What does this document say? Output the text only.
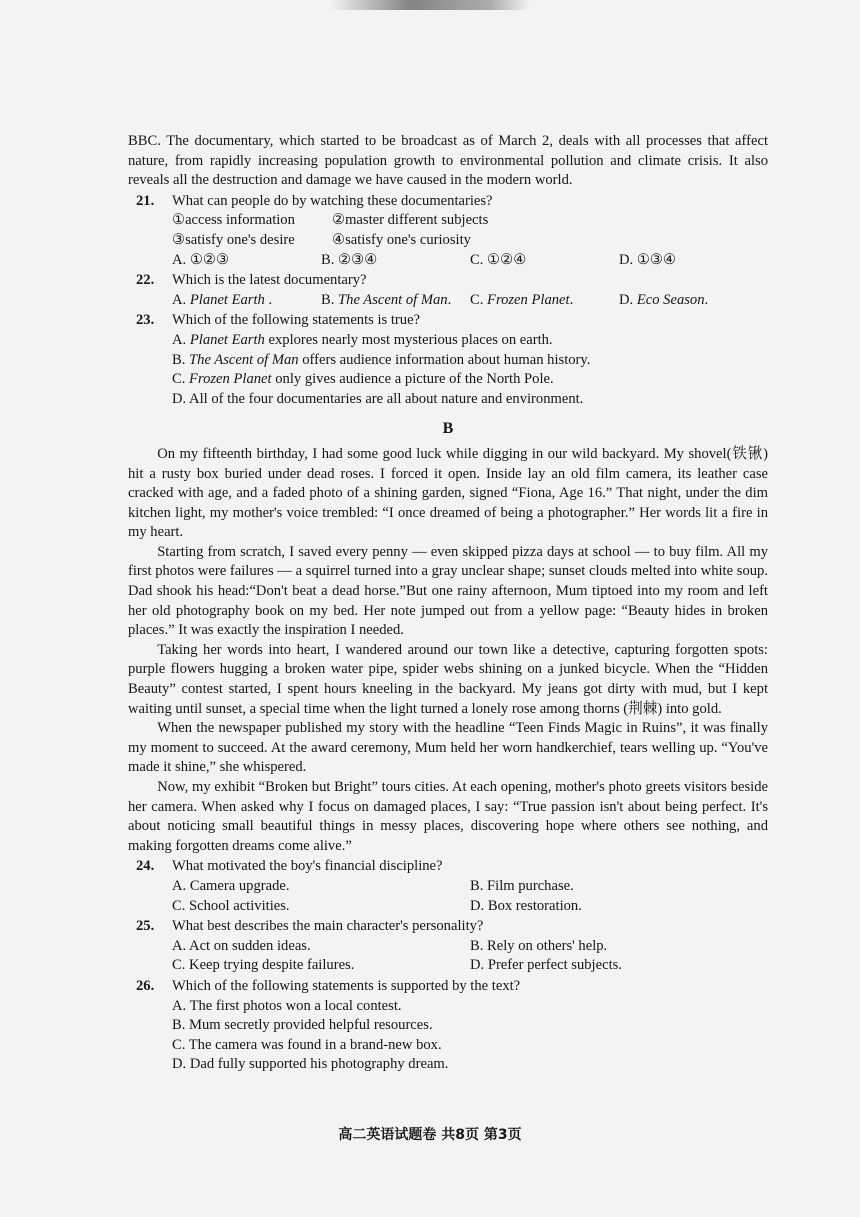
BBC. The documentary, which started to be broadcast as of March 2, deals with all processes that affect nature, from rapidly increasing population growth to environmental pollution and climate crisis. It also reveals all the destruction and damage we have caused in the modern world.

21.	What can people do by watching these documentaries?
①access information	②master different subjects
③satisfy one's desire	④satisfy one's curiosity
A. ①②③	B. ②③④	C. ①②④	D. ①③④
22.	Which is the latest documentary?
A. Planet Earth .	B. The Ascent of Man.	C. Frozen Planet.	D. Eco Season.
23.	Which of the following statements is true?
A. Planet Earth explores nearly most mysterious places on earth.
B. The Ascent of Man offers audience information about human history.
C. Frozen Planet only gives audience a picture of the North Pole.
D. All of the four documentaries are all about nature and environment.
B

On my fifteenth birthday, I had some good luck while digging in our wild backyard. My shovel(铁锹) hit a rusty box buried under dead roses. I forced it open. Inside lay an old film camera, its leather case cracked with age, and a faded photo of a shining garden, signed “Fiona, Age 16.” That night, under the dim kitchen light, my mother's voice trembled: “I once dreamed of being a photographer.” Her words lit a fire in my heart.

Starting from scratch, I saved every penny — even skipped pizza days at school — to buy film. All my first photos were failures — a squirrel turned into a gray unclear shape; sunset clouds melted into white soup. Dad shook his head:“Don't beat a dead horse.”But one rainy afternoon, Mum tiptoed into my room and left her old photography book on my bed. Her note jumped out from a yellow page: “Beauty hides in broken places.” It was exactly the inspiration I needed.

Taking her words into heart, I wandered around our town like a detective, capturing forgotten spots: purple flowers hugging a broken water pipe, spider webs shining on a junked bicycle. When the “Hidden Beauty” contest started, I spent hours kneeling in the backyard. My jeans got dirty with mud, but I kept waiting until sunset, a special time when the light turned a lonely rose among thorns (荆棘) into gold.

When the newspaper published my story with the headline “Teen Finds Magic in Ruins”, it was finally my moment to succeed. At the award ceremony, Mum held her worn handkerchief, tears welling up. “You've made it shine,” she whispered.

Now, my exhibit “Broken but Bright” tours cities. At each opening, mother's photo greets visitors beside her camera. When asked why I focus on damaged places, I say: “True passion isn't about being perfect. It's about noticing small beautiful things in messy places, discovering hope where others see nothing, and making forgotten dreams come alive.”

24.	What motivated the boy's financial discipline?
A. Camera upgrade.	B. Film purchase.
C. School activities.	D. Box restoration.
25.	What best describes the main character's personality?
A. Act on sudden ideas.	B. Rely on others' help.
C. Keep trying despite failures.	D. Prefer perfect subjects.
26.	Which of the following statements is supported by the text?
A. The first photos won a local contest.
B. Mum secretly provided helpful resources.
C. The camera was found in a brand-new box.
D. Dad fully supported his photography dream.
高二英语试题卷 共8页 第3页
